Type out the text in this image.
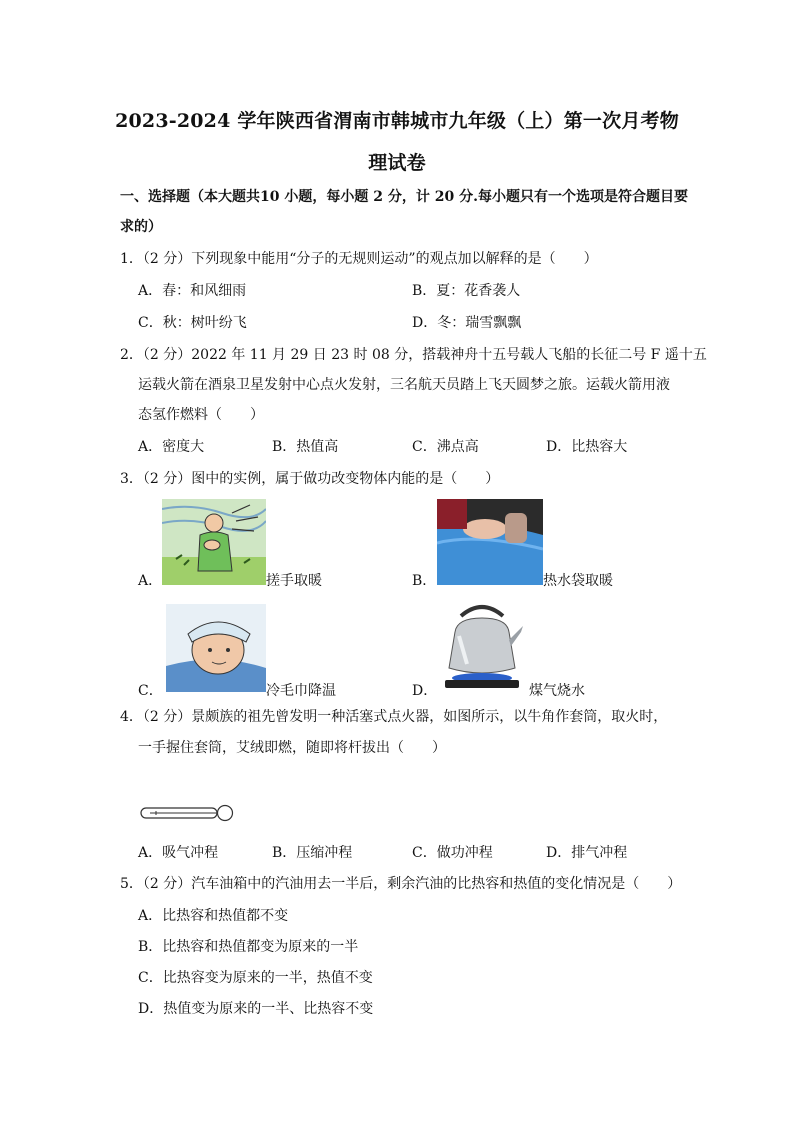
2023-2024 学年陕西省渭南市韩城市九年级（上）第一次月考物
理试卷
一、选择题（本大题共10 小题，每小题 2 分，计 20 分.每小题只有一个选项是符合题目要
求的）
1．（2 分）下列现象中能用“分子的无规则运动”的观点加以解释的是（　　）
A．春：和风细雨	B．夏：花香袭人
C．秋：树叶纷飞	D．冬：瑞雪飘飘
2．（2 分）2022 年 11 月 29 日 23 时 08 分，搭载神舟十五号载人飞船的长征二号 F 遥十五
运载火箭在酒泉卫星发射中心点火发射，三名航天员踏上飞天圆梦之旅。运载火箭用液
态氢作燃料（　　）
A．密度大	B．热值高	C．沸点高	D．比热容大
3．（2 分）图中的实例，属于做功改变物体内能的是（　　）
A．	搓手取暖	B．	热水袋取暖
C．	冷毛巾降温	D．	煤气烧水
4．（2 分）景颇族的祖先曾发明一种活塞式点火器，如图所示，以牛角作套筒，取火时，
一手握住套筒，艾绒即燃，随即将杆拔出（　　）
A．吸气冲程	B．压缩冲程	C．做功冲程	D．排气冲程
5．（2 分）汽车油箱中的汽油用去一半后，剩余汽油的比热容和热值的变化情况是（　　）
A．比热容和热值都不变
B．比热容和热值都变为原来的一半
C．比热容变为原来的一半，热值不变
D．热值变为原来的一半、比热容不变
